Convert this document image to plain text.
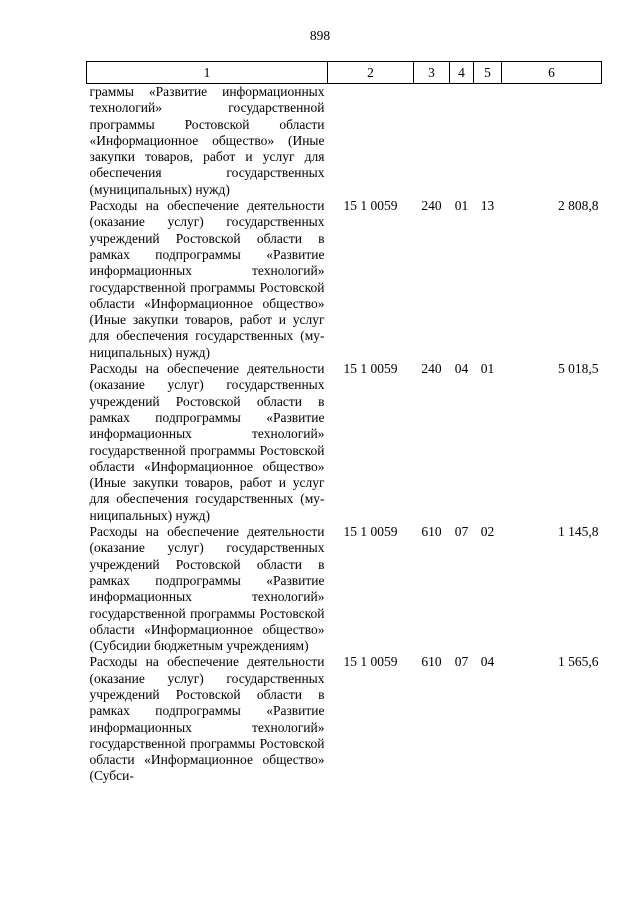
898
1	2	3	4	5	6
граммы «Развитие информационных технологий» государственной программы Ростовской области «Информационное общество» (Иные закупки товаров, работ и услуг для обеспечения государственных (муниципальных) нужд)					
Расходы на обеспечение деятельности (оказание услуг) государственных учреждений Ростовской области в рамках подпрограммы «Развитие информационных технологий» государственной программы Ростовской области «Информационное общество» (Иные закупки товаров, работ и услуг для обеспечения государственных (муниципальных) нужд)	15 1 0059	240	01	13	2 808,8
Расходы на обеспечение деятельности (оказание услуг) государственных учреждений Ростовской области в рамках подпрограммы «Развитие информационных технологий» государственной программы Ростовской области «Информационное общество» (Иные закупки товаров, работ и услуг для обеспечения государственных (муниципальных) нужд)	15 1 0059	240	04	01	5 018,5
Расходы на обеспечение деятельности (оказание услуг) государственных учреждений Ростовской области в рамках подпрограммы «Развитие информационных технологий» государственной программы Ростовской области «Информационное общество» (Субсидии бюджетным учреждениям)	15 1 0059	610	07	02	1 145,8
Расходы на обеспечение деятельности (оказание услуг) государственных учреждений Ростовской области в рамках подпрограммы «Развитие информационных технологий» государственной программы Ростовской области «Информационное общество» (Субси-	15 1 0059	610	07	04	1 565,6
